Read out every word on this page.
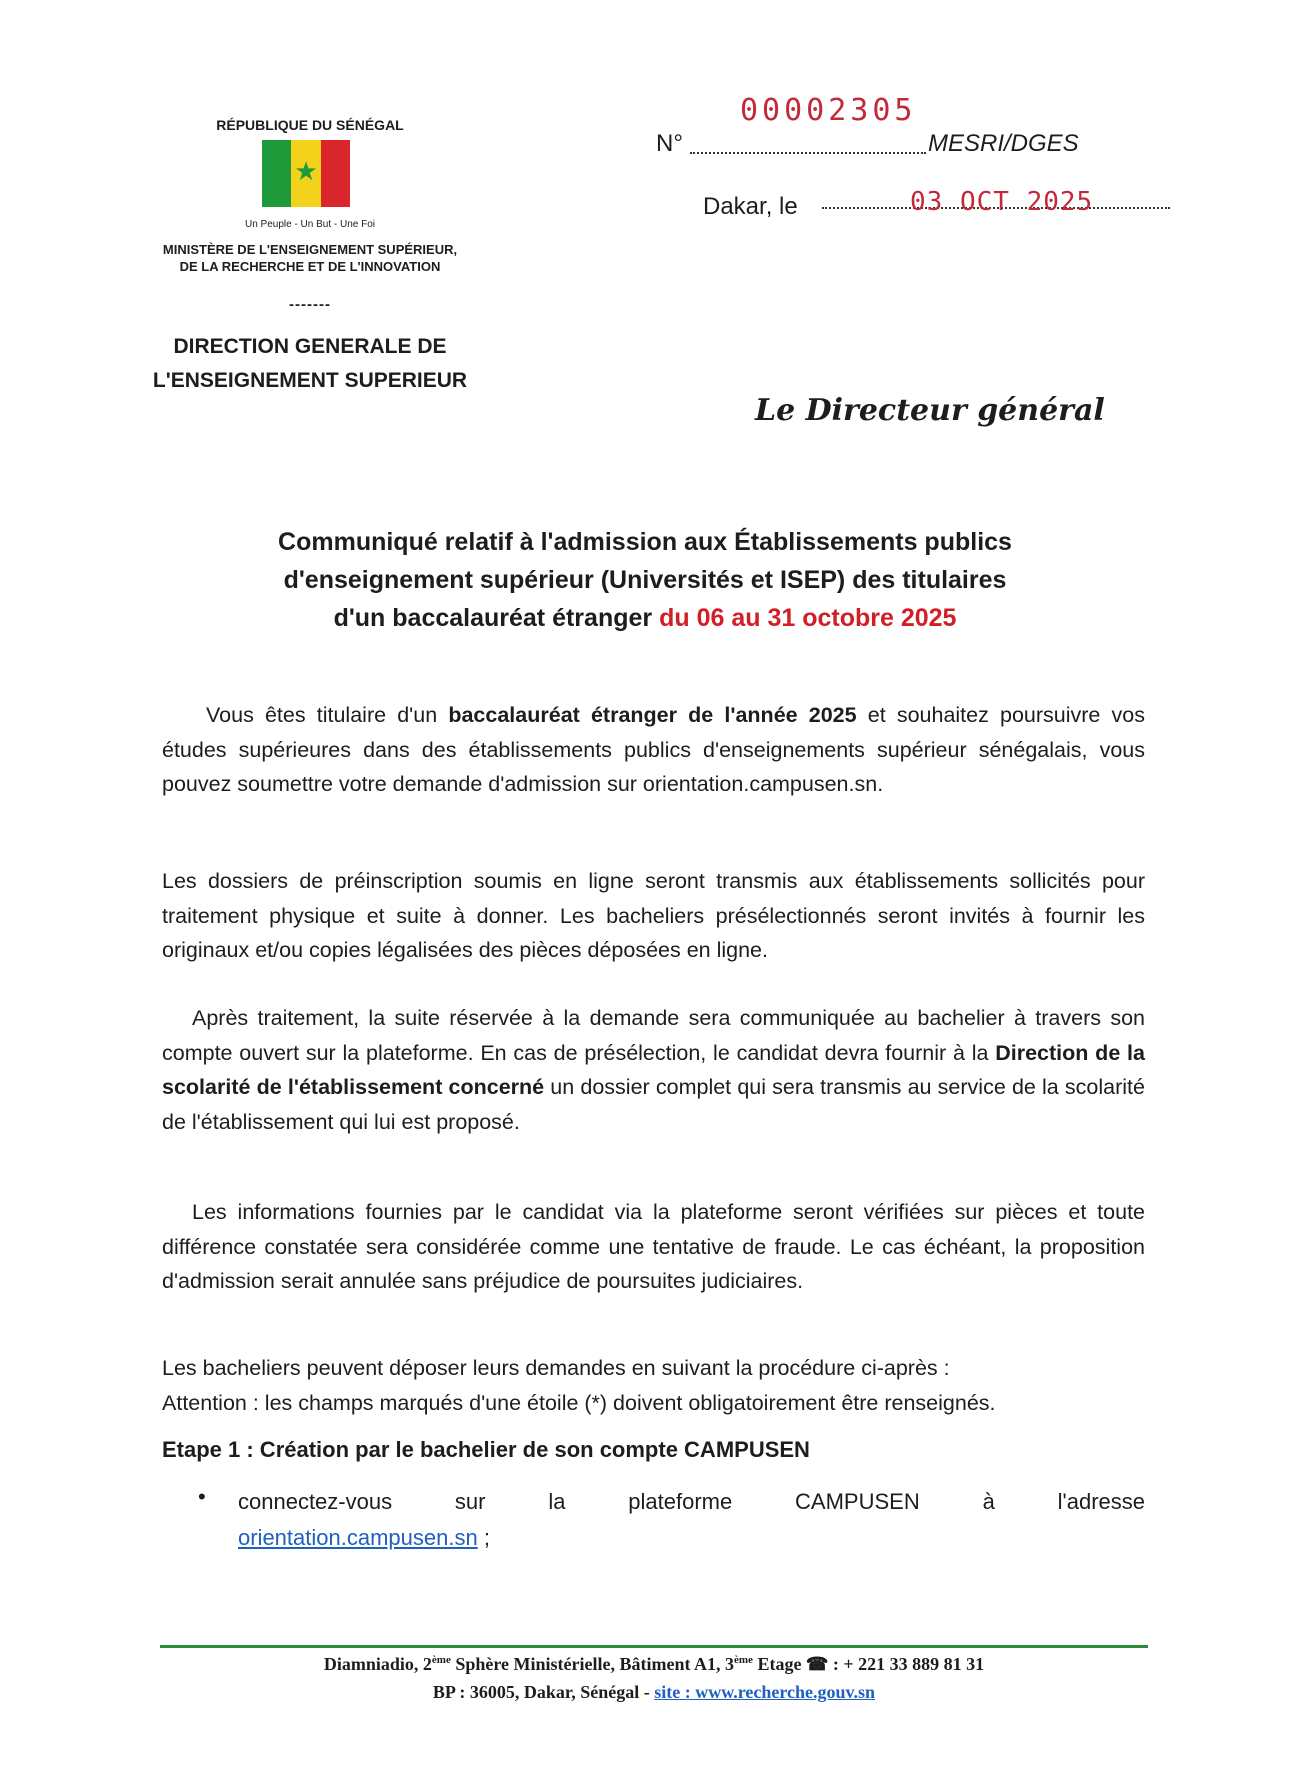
RÉPUBLIQUE DU SÉNÉGAL
★
Un Peuple - Un But - Une Foi
MINISTÈRE DE L'ENSEIGNEMENT SUPÉRIEUR,
DE LA RECHERCHE ET DE L'INNOVATION
-------
DIRECTION GENERALE DE
L'ENSEIGNEMENT SUPERIEUR
N°
00002305
MESRI/DGES
Dakar, le	03 OCT 2025
Le Directeur général
Communiqué relatif à l'admission aux Établissements publics
d'enseignement supérieur (Universités et ISEP) des titulaires
d'un baccalauréat étranger du 06 au 31 octobre 2025
Vous êtes titulaire d'un baccalauréat étranger de l'année 2025 et souhaitez poursuivre vos études supérieures dans des établissements publics d'enseignements supérieur sénégalais, vous pouvez soumettre votre demande d'admission sur orientation.campusen.sn.
Les dossiers de préinscription soumis en ligne seront transmis aux établissements sollicités pour traitement physique et suite à donner. Les bacheliers présélectionnés seront invités à fournir les originaux et/ou copies légalisées des pièces déposées en ligne.
Après traitement, la suite réservée à la demande sera communiquée au bachelier à travers son compte ouvert sur la plateforme. En cas de présélection, le candidat devra fournir à la Direction de la scolarité de l'établissement concerné un dossier complet qui sera transmis au service de la scolarité de l'établissement qui lui est proposé.
Les informations fournies par le candidat via la plateforme seront vérifiées sur pièces et toute différence constatée sera considérée comme une tentative de fraude. Le cas échéant, la proposition d'admission serait annulée sans préjudice de poursuites judiciaires.
Les bacheliers peuvent déposer leurs demandes en suivant la procédure ci-après :
Attention : les champs marqués d'une étoile (*) doivent obligatoirement être renseignés.
Etape 1 : Création par le bachelier de son compte CAMPUSEN
• connectez-vous	sur	la	plateforme	CAMPUSEN	à	l'adresse
orientation.campusen.sn ;
Diamniadio, 2ème Sphère Ministérielle, Bâtiment A1, 3ème Etage ☎ : + 221 33 889 81 31
BP : 36005, Dakar, Sénégal - site : www.recherche.gouv.sn
